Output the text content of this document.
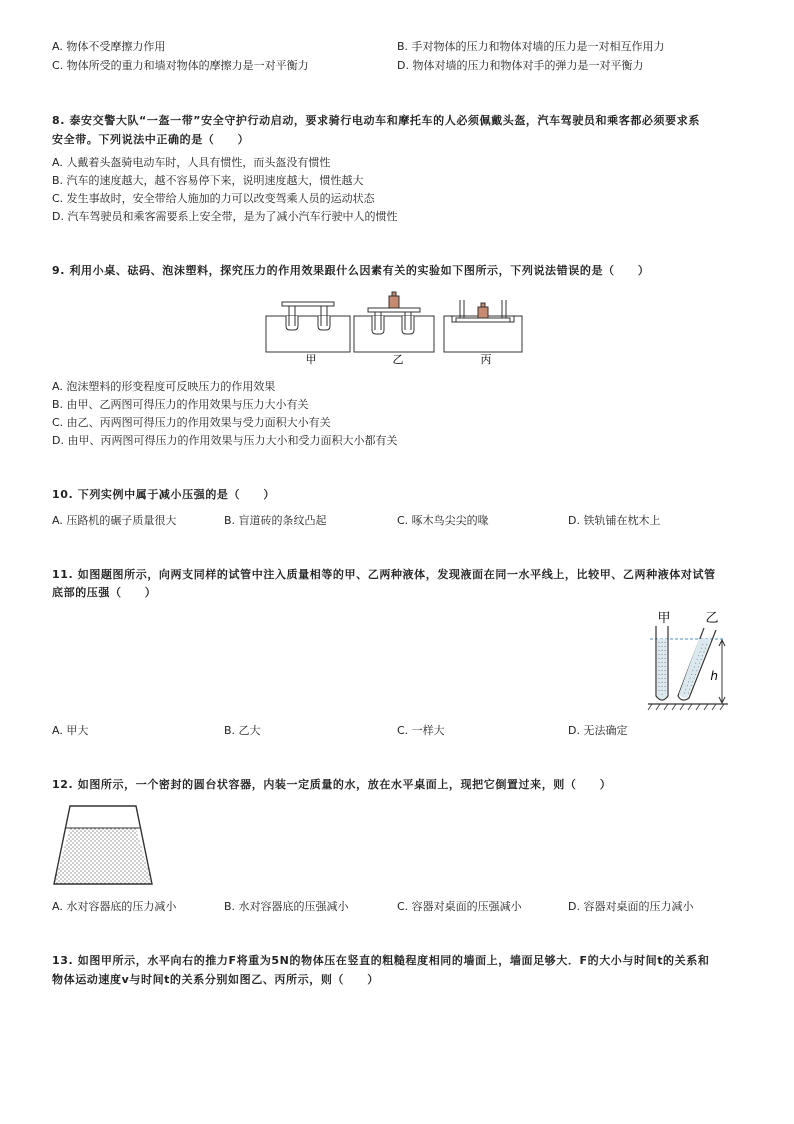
A. 物体不受摩擦力作用	B. 手对物体的压力和物体对墙的压力是一对相互作用力
C. 物体所受的重力和墙对物体的摩擦力是一对平衡力	D. 物体对墙的压力和物体对手的弹力是一对平衡力
8. 泰安交警大队“一盔一带”安全守护行动启动，要求骑行电动车和摩托车的人必须佩戴头盔，汽车驾驶员和乘客都必须要求系
安全带。下列说法中正确的是（　　）
A. 人戴着头盔骑电动车时，人具有惯性，而头盔没有惯性
B. 汽车的速度越大，越不容易停下来，说明速度越大，惯性越大
C. 发生事故时，安全带给人施加的力可以改变驾乘人员的运动状态
D. 汽车驾驶员和乘客需要系上安全带，是为了减小汽车行驶中人的惯性
9. 利用小桌、砝码、泡沫塑料，探究压力的作用效果跟什么因素有关的实验如下图所示，下列说法错误的是（　　）
甲	乙	丙
A. 泡沫塑料的形变程度可反映压力的作用效果
B. 由甲、乙两图可得压力的作用效果与压力大小有关
C. 由乙、丙两图可得压力的作用效果与受力面积大小有关
D. 由甲、丙两图可得压力的作用效果与压力大小和受力面积大小都有关
10. 下列实例中属于减小压强的是（　　）
A. 压路机的碾子质量很大	B. 盲道砖的条纹凸起	C. 啄木鸟尖尖的喙	D. 铁轨铺在枕木上
11. 如图题图所示，向两支同样的试管中注入质量相等的甲、乙两种液体，发现液面在同一水平线上，比较甲、乙两种液体对试管
底部的压强（　　）
甲	乙
h
A. 甲大	B. 乙大	C. 一样大	D. 无法确定
12. 如图所示，一个密封的圆台状容器，内装一定质量的水，放在水平桌面上，现把它倒置过来，则（　　）
A. 水对容器底的压力减小	B. 水对容器底的压强减小	C. 容器对桌面的压强减小	D. 容器对桌面的压力减小
13. 如图甲所示，水平向右的推力F将重为5N的物体压在竖直的粗糙程度相同的墙面上，墙面足够大．F的大小与时间t的关系和
物体运动速度v与时间t的关系分别如图乙、丙所示，则（　　）
